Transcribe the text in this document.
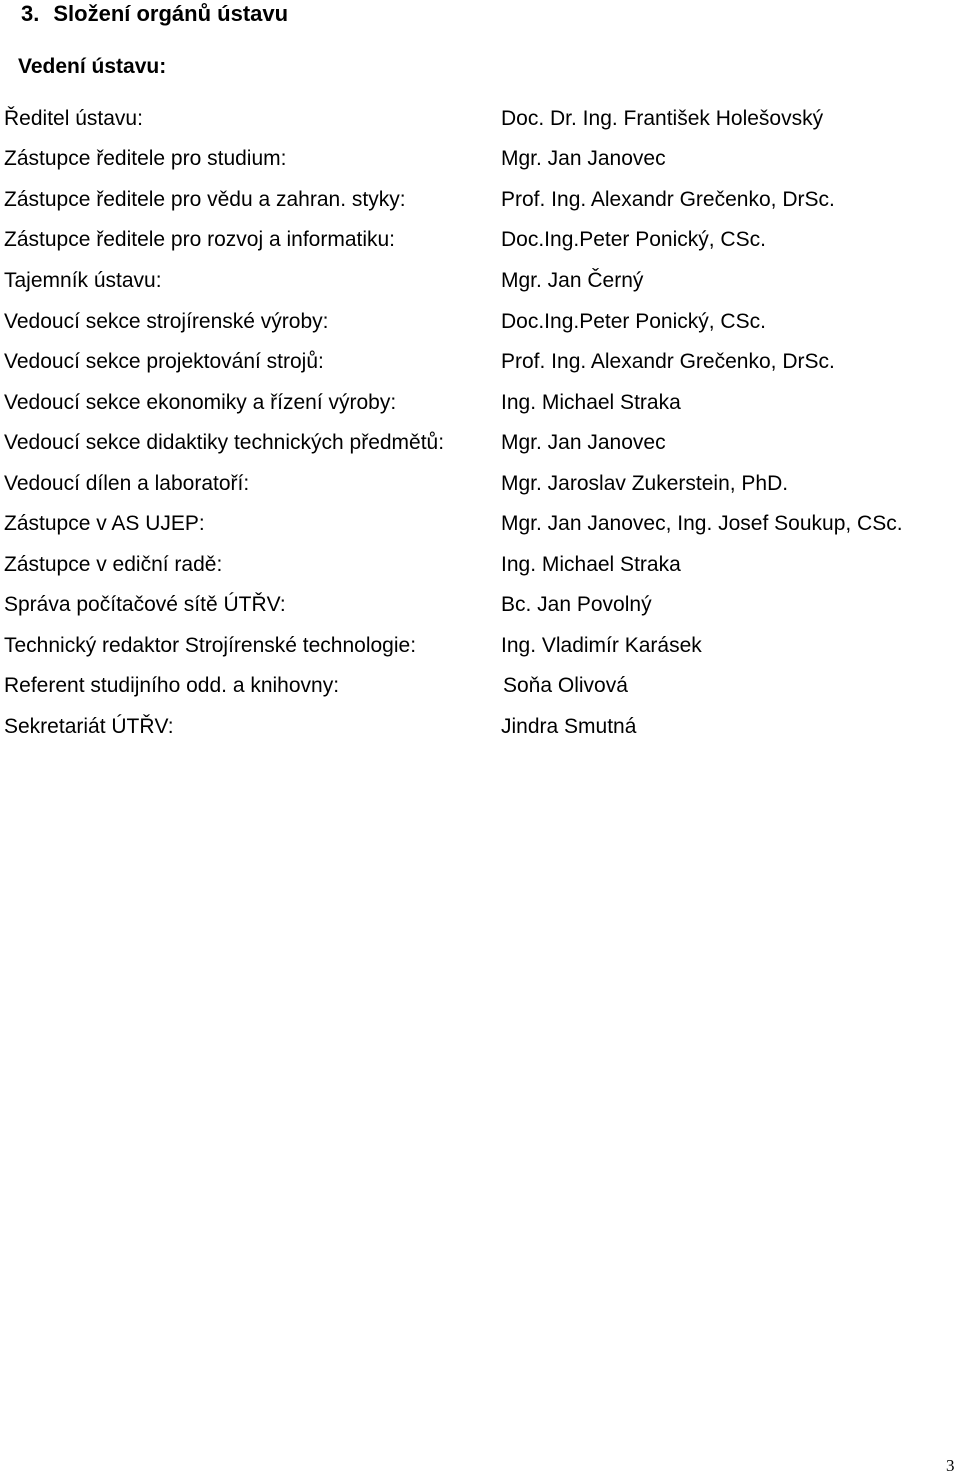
3. Složení orgánů ústavu
Vedení ústavu:
Ředitel ústavu:	Doc. Dr. Ing. František Holešovský
Zástupce ředitele pro studium:	Mgr. Jan Janovec
Zástupce ředitele pro vědu a zahran. styky:	Prof. Ing. Alexandr Grečenko, DrSc.
Zástupce ředitele pro rozvoj a informatiku:	Doc.Ing.Peter Ponický, CSc.
Tajemník ústavu:	Mgr. Jan Černý
Vedoucí sekce strojírenské výroby:	Doc.Ing.Peter Ponický, CSc.
Vedoucí sekce projektování strojů:	Prof. Ing. Alexandr Grečenko, DrSc.
Vedoucí sekce ekonomiky a řízení výroby:	Ing. Michael Straka
Vedoucí sekce didaktiky technických předmětů:	Mgr. Jan Janovec
Vedoucí dílen a laboratoří:	Mgr. Jaroslav Zukerstein, PhD.
Zástupce v AS UJEP:	Mgr. Jan Janovec, Ing. Josef Soukup, CSc.
Zástupce v ediční radě:	Ing. Michael Straka
Správa počítačové sítě ÚTŘV:	Bc. Jan Povolný
Technický redaktor Strojírenské technologie:	Ing. Vladimír Karásek
Referent studijního odd. a knihovny:	Soňa Olivová
Sekretariát ÚTŘV:	Jindra Smutná
3
